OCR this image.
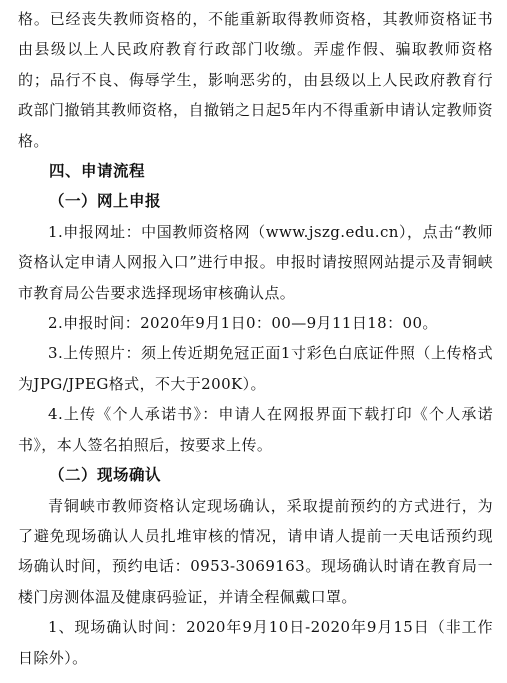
格。已经丧失教师资格的，不能重新取得教师资格，其教师资格证书由县级以上人民政府教育行政部门收缴。弄虚作假、骗取教师资格的；品行不良、侮辱学生，影响恶劣的，由县级以上人民政府教育行政部门撤销其教师资格，自撤销之日起5年内不得重新申请认定教师资格。

四、申请流程

（一）网上申报

1.申报网址：中国教师资格网（www.jszg.edu.cn），点击“教师资格认定申请人网报入口”进行申报。申报时请按照网站提示及青铜峡市教育局公告要求选择现场审核确认点。

2.申报时间：2020年9月1日0：00—9月11日18：00。

3.上传照片：须上传近期免冠正面1寸彩色白底证件照（上传格式为JPG/JPEG格式，不大于200K）。

4.上传《个人承诺书》：申请人在网报界面下载打印《个人承诺书》，本人签名拍照后，按要求上传。

（二）现场确认

青铜峡市教师资格认定现场确认，采取提前预约的方式进行，为了避免现场确认人员扎堆审核的情况，请申请人提前一天电话预约现场确认时间，预约电话：0953-3069163。现场确认时请在教育局一楼门房测体温及健康码验证，并请全程佩戴口罩。

1、现场确认时间：2020年9月10日-2020年9月15日（非工作日除外）。
